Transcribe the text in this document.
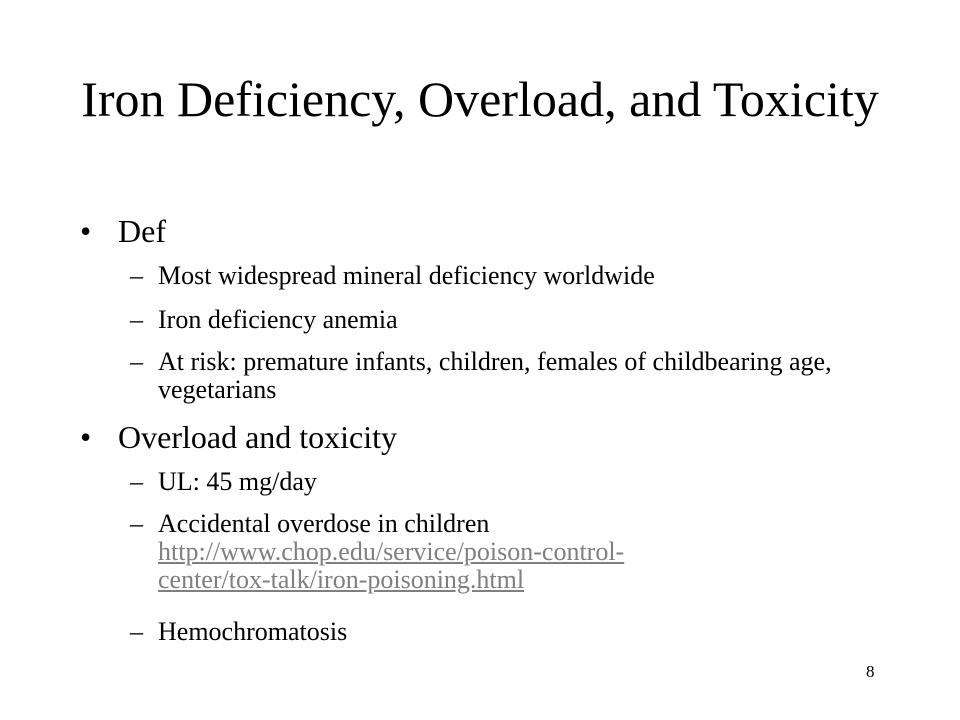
Iron Deficiency, Overload, and Toxicity
• Def
– Most widespread mineral deficiency worldwide
– Iron deficiency anemia
– At risk: premature infants, children, females of childbearing age, vegetarians
• Overload and toxicity
– UL: 45 mg/day
– Accidental overdose in children
http://www.chop.edu/service/poison-control-
center/tox-talk/iron-poisoning.html
– Hemochromatosis
8
